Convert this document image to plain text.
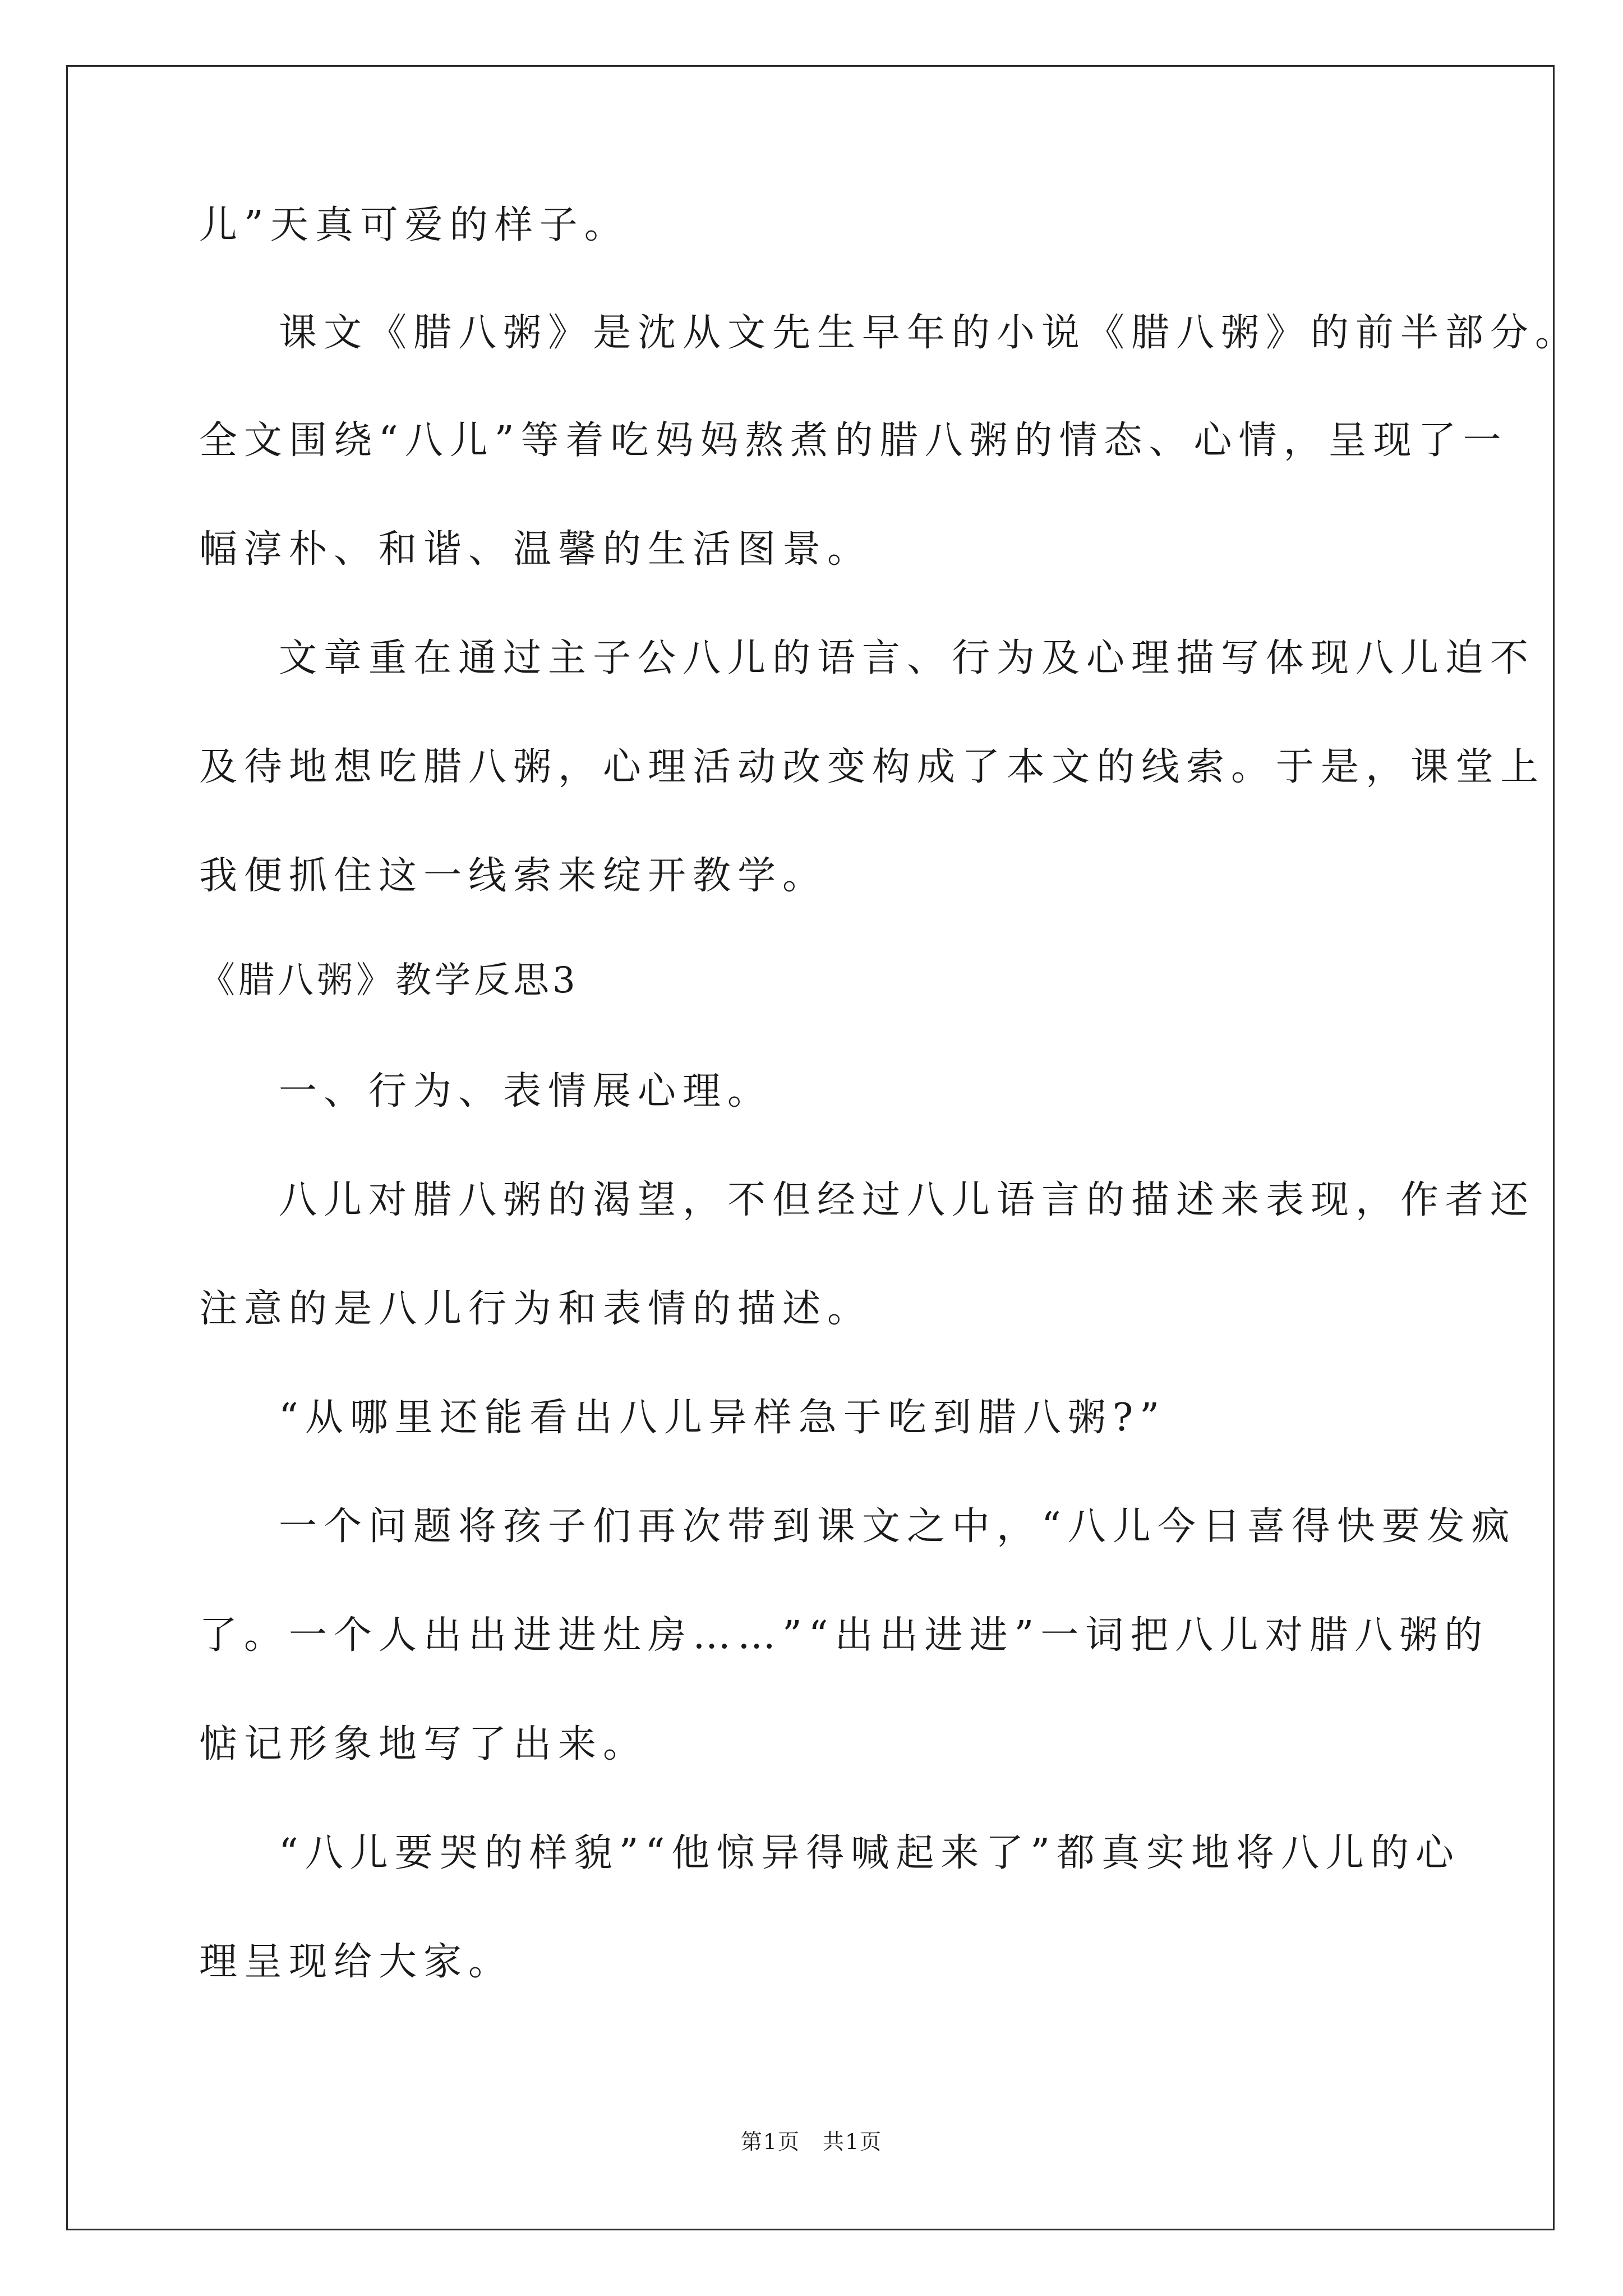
儿”天真可爱的样子。
课文《腊八粥》是沈从文先生早年的小说《腊八粥》的前半部分。
全文围绕“八儿”等着吃妈妈熬煮的腊八粥的情态、心情，呈现了一
幅淳朴、和谐、温馨的生活图景。
文章重在通过主子公八儿的语言、行为及心理描写体现八儿迫不
及待地想吃腊八粥，心理活动改变构成了本文的线索。于是，课堂上
我便抓住这一线索来绽开教学。
《腊八粥》教学反思3
一、行为、表情展心理。
八儿对腊八粥的渴望，不但经过八儿语言的描述来表现，作者还
注意的是八儿行为和表情的描述。
“从哪里还能看出八儿异样急于吃到腊八粥?”
一个问题将孩子们再次带到课文之中，“八儿今日喜得快要发疯
了。一个人出出进进灶房……”“出出进进”一词把八儿对腊八粥的
惦记形象地写了出来。
“八儿要哭的样貌”“他惊异得喊起来了”都真实地将八儿的心
理呈现给大家。
第1页　共1页
